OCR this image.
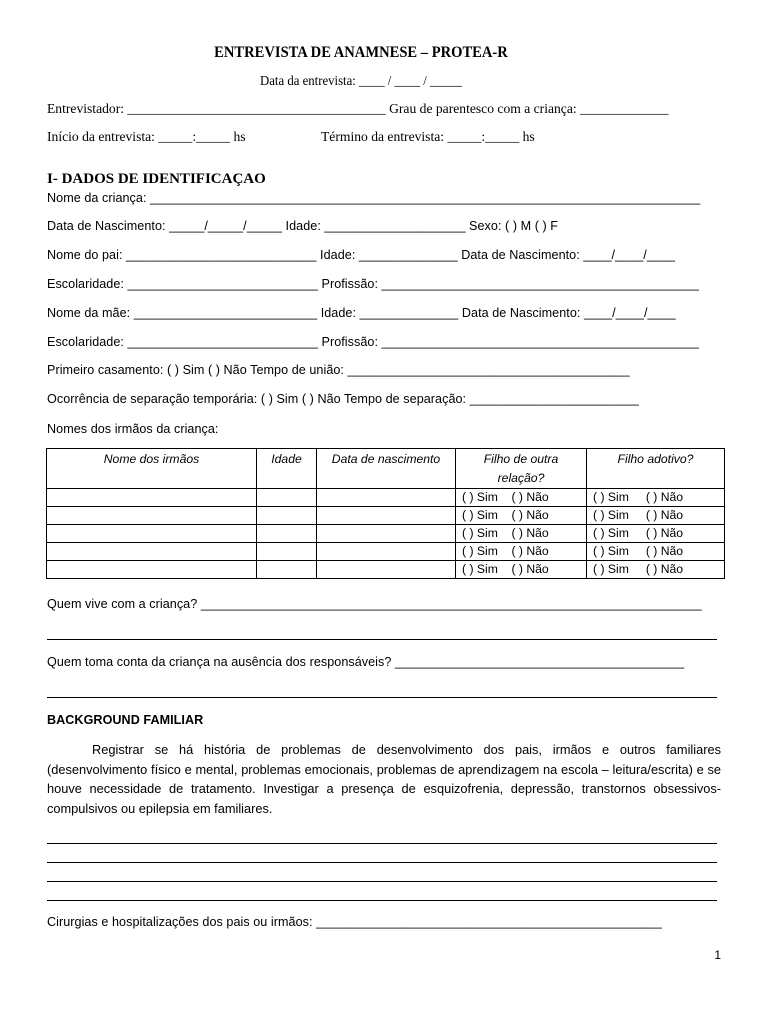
ENTREVISTA DE ANAMNESE – PROTEA-R
Data da entrevista: ____ / ____ / _____
Entrevistador: ______________________________________ Grau de parentesco com a criança: _____________
Início da entrevista: _____:_____ hs	Término da entrevista: _____:_____ hs
I- DADOS DE IDENTIFICAÇAO
Nome da criança: ______________________________________________________________________________
Data de Nascimento: _____/_____/_____ Idade: ____________________ Sexo: ( ) M ( ) F
Nome do pai: ___________________________ Idade: ______________ Data de Nascimento: ____/____/____
Escolaridade: ___________________________ Profissão: _____________________________________________
Nome da mãe: __________________________ Idade: ______________ Data de Nascimento: ____/____/____
Escolaridade: ___________________________ Profissão: _____________________________________________
Primeiro casamento: ( ) Sim ( ) Não Tempo de união: ________________________________________
Ocorrência de separação temporária: ( ) Sim ( ) Não Tempo de separação: ________________________
Nomes dos irmãos da criança:
Nome dos irmãos	Idade	Data de nascimento	Filho de outra relação?	Filho adotivo?
			( ) Sim ( ) Não	( ) Sim ( ) Não
			( ) Sim ( ) Não	( ) Sim ( ) Não
			( ) Sim ( ) Não	( ) Sim ( ) Não
			( ) Sim ( ) Não	( ) Sim ( ) Não
			( ) Sim ( ) Não	( ) Sim ( ) Não
Quem vive com a criança? _______________________________________________________________________
Quem toma conta da criança na ausência dos responsáveis? _________________________________________
BACKGROUND FAMILIAR
Registrar se há história de problemas de desenvolvimento dos pais, irmãos e outros familiares (desenvolvimento físico e mental, problemas emocionais, problemas de aprendizagem na escola – leitura/escrita) e se houve necessidade de tratamento. Investigar a presença de esquizofrenia, depressão, transtornos obsessivos-compulsivos ou epilepsia em familiares.
Cirurgias e hospitalizações dos pais ou irmãos: _________________________________________________
1
